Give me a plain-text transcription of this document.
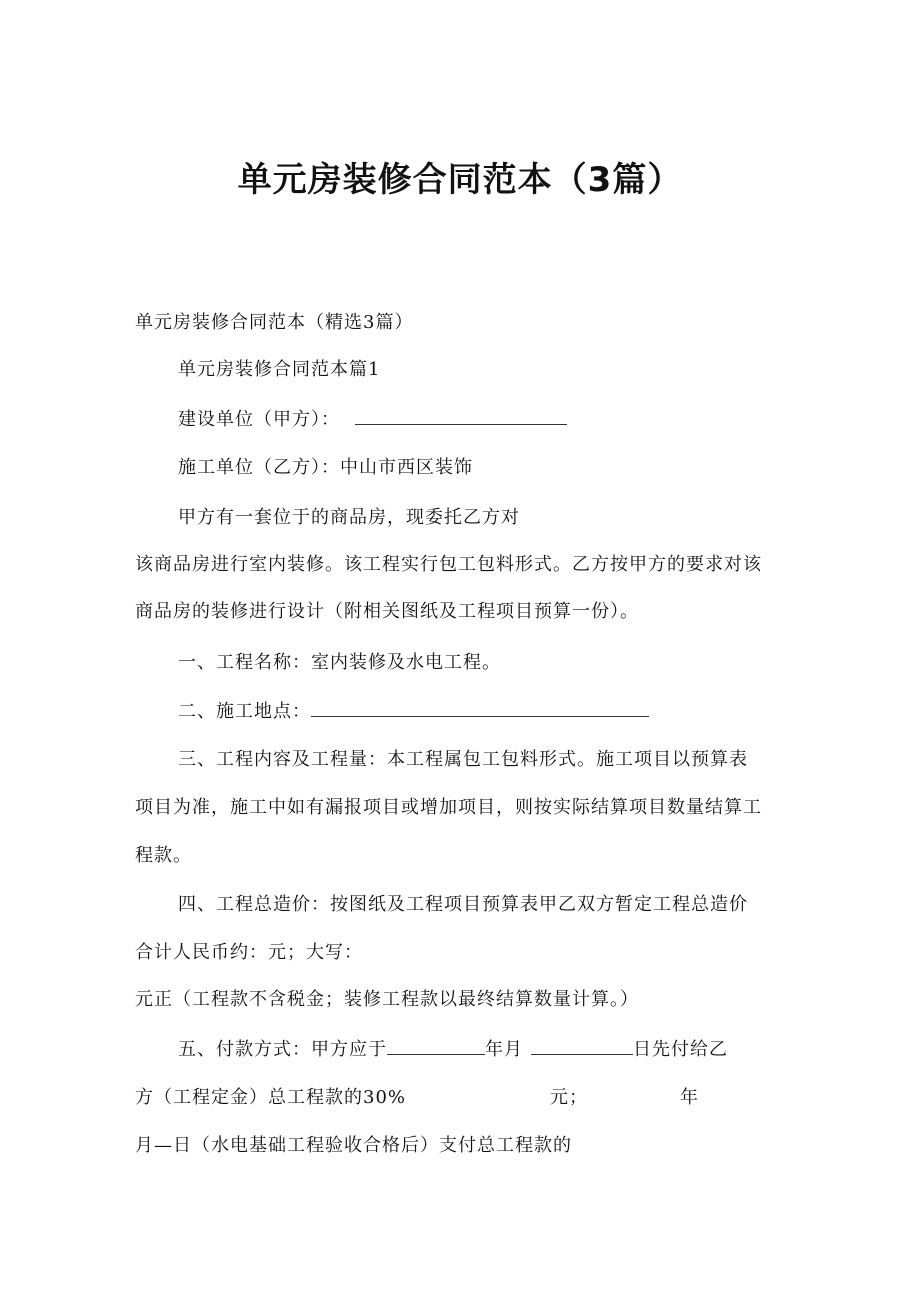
单元房装修合同范本（3篇）
单元房装修合同范本（精选3篇）
单元房装修合同范本篇1
建设单位（甲方）：
施工单位（乙方）：中山市西区装饰
甲方有一套位于的商品房，现委托乙方对
该商品房进行室内装修。该工程实行包工包料形式。乙方按甲方的要求对该
商品房的装修进行设计（附相关图纸及工程项目预算一份）。
一、工程名称：室内装修及水电工程。
二、施工地点：
三、工程内容及工程量：本工程属包工包料形式。施工项目以预算表
项目为准，施工中如有漏报项目或增加项目，则按实际结算项目数量结算工
程款。
四、工程总造价：按图纸及工程项目预算表甲乙双方暂定工程总造价
合计人民币约：元；大写：
元正（工程款不含税金；装修工程款以最终结算数量计算。）
五、付款方式：甲方应于	年月	日先付给乙
方（工程定金）总工程款的30%	元；	年
月—日（水电基础工程验收合格后）支付总工程款的
